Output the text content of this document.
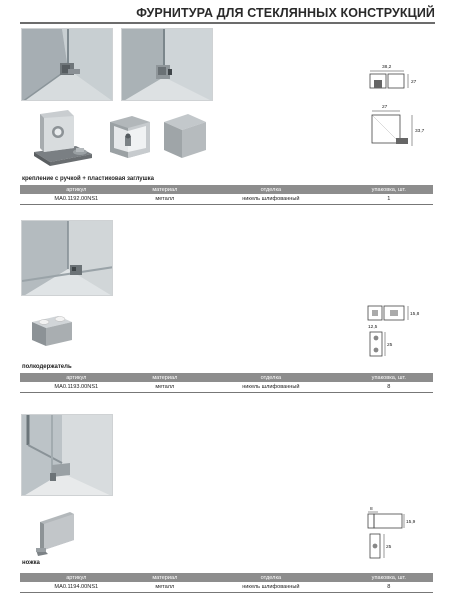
ФУРНИТУРА ДЛЯ СТЕКЛЯННЫХ КОНСТРУКЦИЙ
38,2
27
27
33,7
крепление с ручкой + пластиковая заглушка
артикул	материал	отделка	упаковка, шт.
MA0.1192.00NS1	металл	никель шлифованный	1
15,8
12,5
25
полкодержатель
артикул	материал	отделка	упаковка, шт.
MA0.1193.00NS1	металл	никель шлифованный	8
8
15,9
25
ножка
артикул	материал	отделка	упаковка, шт.
MA0.1194.00NS1	металл	никель шлифованный	8
